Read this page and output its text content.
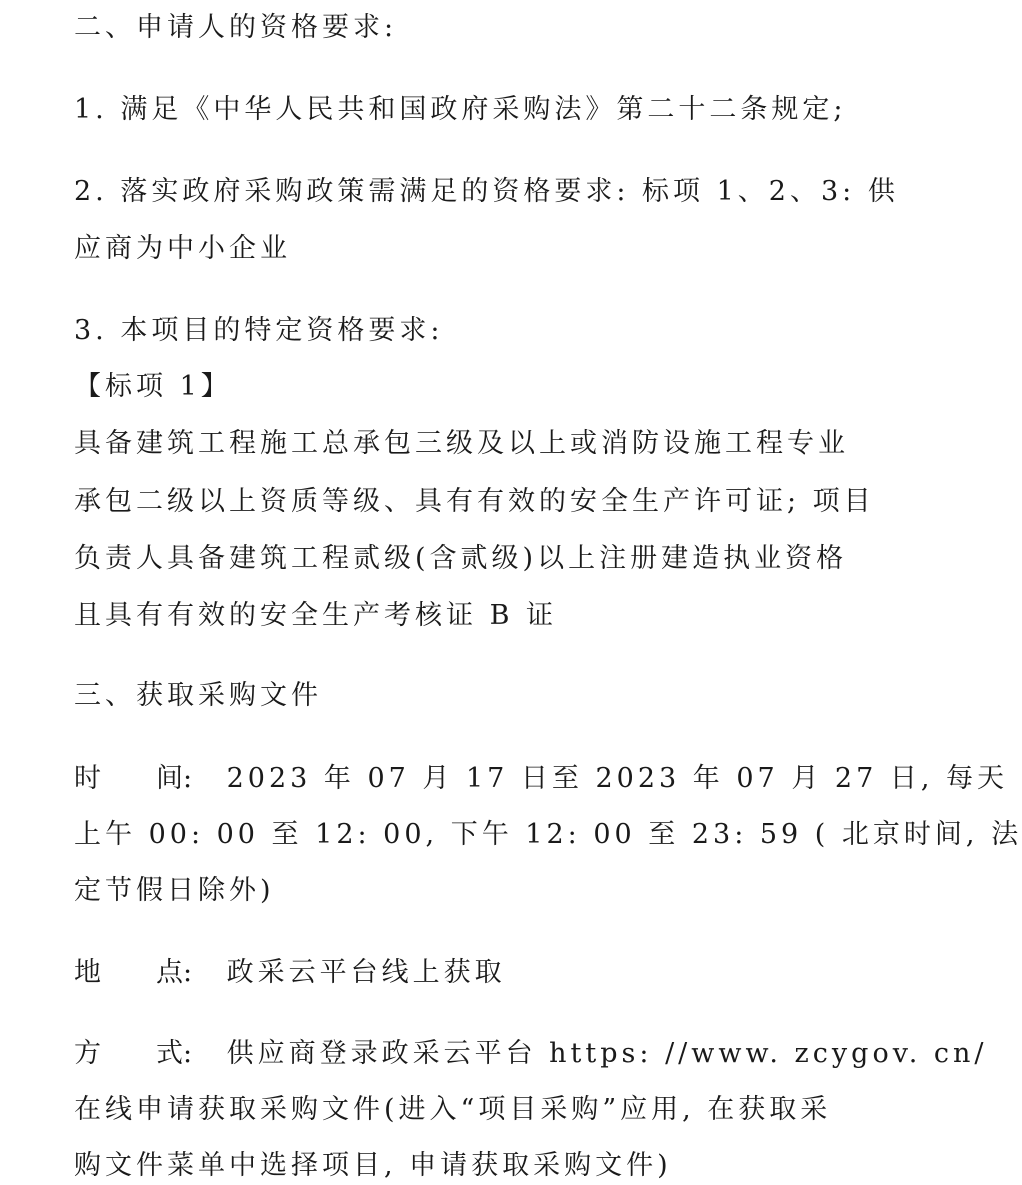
二、申请人的资格要求:
1. 满足《中华人民共和国政府采购法》第二十二条规定;
2. 落实政府采购政策需满足的资格要求: 标项 1、2、3: 供
应商为中小企业
3. 本项目的特定资格要求:
【标项 1】
具备建筑工程施工总承包三级及以上或消防设施工程专业
承包二级以上资质等级、具有有效的安全生产许可证; 项目
负责人具备建筑工程贰级(含贰级)以上注册建造执业资格
且具有有效的安全生产考核证 B 证
三、获取采购文件
时 间: 2023 年 07 月 17 日至 2023 年 07 月 27 日, 每天
上午 00: 00 至 12: 00, 下午 12: 00 至 23: 59 ( 北京时间, 法
定节假日除外)
地 点: 政采云平台线上获取
方 式: 供应商登录政采云平台 https: //www. zcygov. cn/
在线申请获取采购文件(进入“项目采购”应用, 在获取采
购文件菜单中选择项目, 申请获取采购文件)
